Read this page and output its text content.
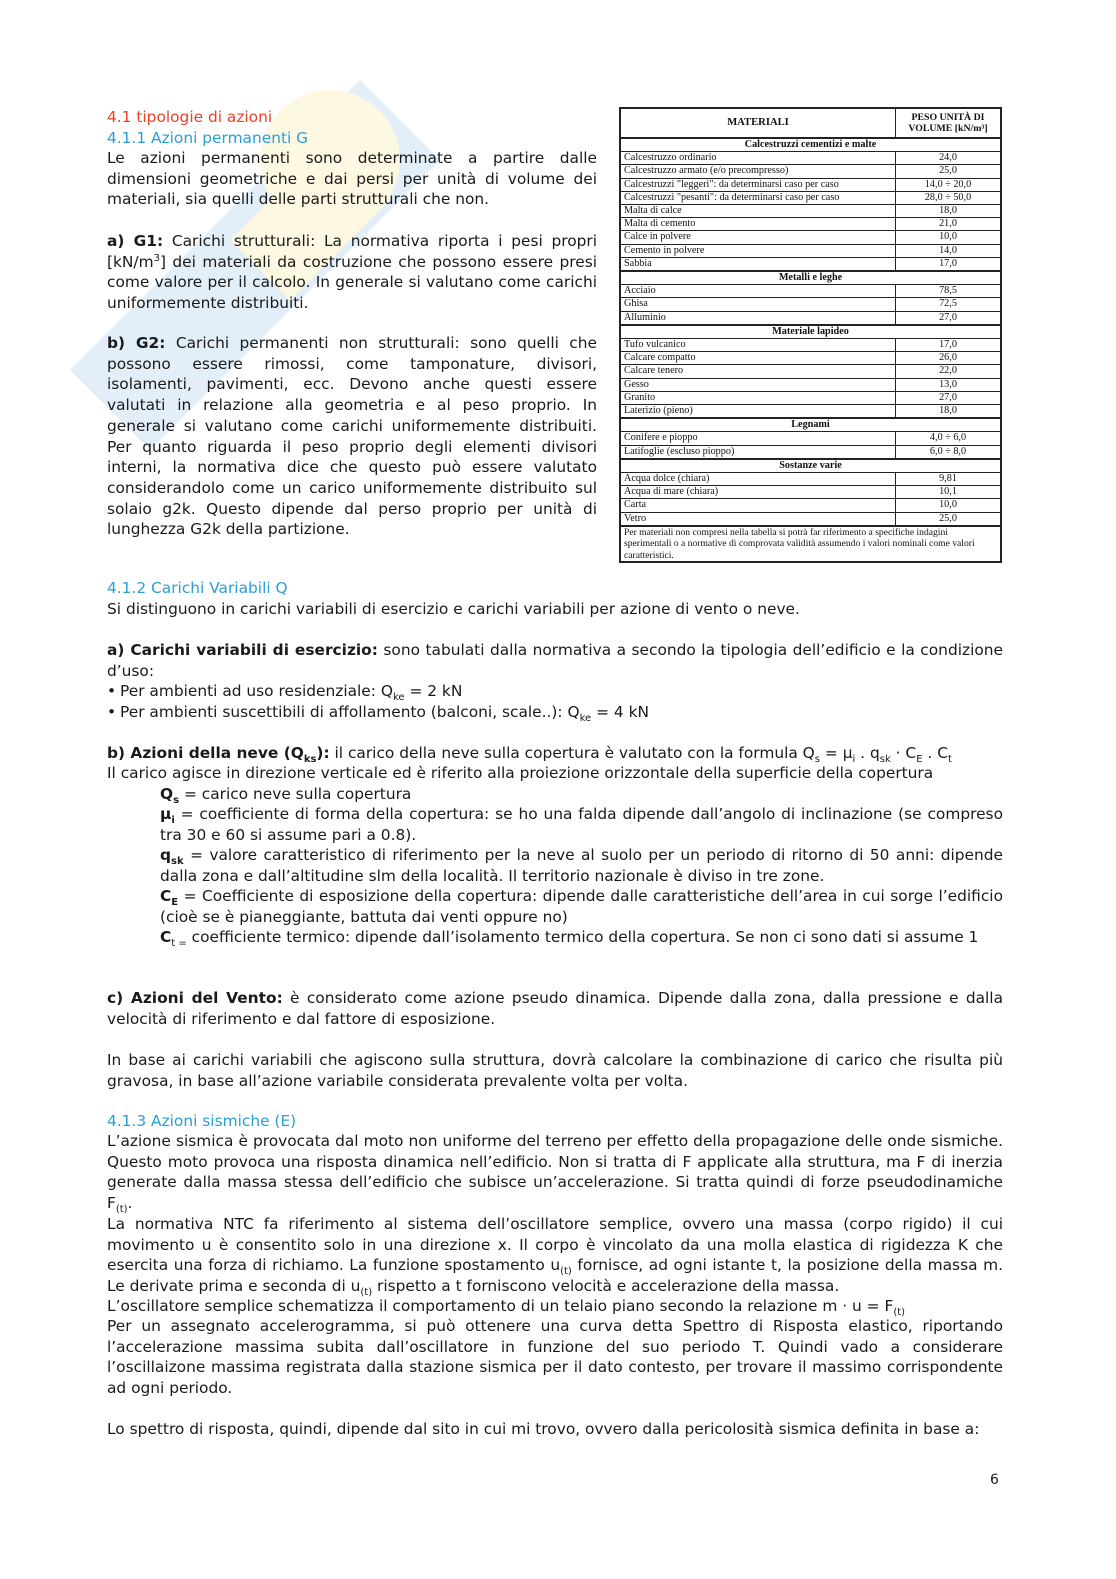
4.1 tipologie di azioni

4.1.1 Azioni permanenti G

Le azioni permanenti sono determinate a partire dalle dimensioni geometriche e dai persi per unità di volume dei materiali, sia quelli delle parti strutturali che non.

a) G1: Carichi strutturali: La normativa riporta i pesi propri $[kN/m^3]$ dei materiali da costruzione che possono essere presi come valore per il calcolo. In generale si valutano come carichi uniformemente distribuiti.

b) G2: Carichi permanenti non strutturali: sono quelli che possono essere rimossi, come tamponature, divisori, isolamenti, pavimenti, ecc. Devono anche questi essere valutati in relazione alla geometria e al peso proprio. In generale si valutano come carichi uniformemente distribuiti. Per quanto riguarda il peso proprio degli elementi divisori interni, la normativa dice che questo può essere valutato considerandolo come un carico uniformemente distribuito sul solaio g2k. Questo dipende dal perso proprio per unità di lunghezza G2k della partizione.

MATERIALI	PESO UNITÀ DI VOLUME [kN/m³]
Calcestruzzi cementizi e malte	
Calcestruzzo ordinario	24,0
Calcestruzzo armato (e/o precompresso)	25,0
Calcestruzzi "leggeri": da determinarsi caso per caso	14,0 ÷ 20,0
Calcestruzzi "pesanti": da determinarsi caso per caso	28,0 ÷ 50,0
Malta di calce	18,0
Malta di cemento	21,0
Calce in polvere	10,0
Cemento in polvere	14,0
Sabbia	17,0
Metalli e leghe	
Acciaio	78,5
Ghisa	72,5
Alluminio	27,0
Materiale lapideo	
Tufo vulcanico	17,0
Calcare compatto	26,0
Calcare tenero	22,0
Gesso	13,0
Granito	27,0
Laterizio (pieno)	18,0
Legnami	
Conifere e pioppo	4,0 ÷ 6,0
Latifoglie (escluso pioppo)	6,0 ÷ 8,0
Sostanze varie	
Acqua dolce (chiara)	9,81
Acqua di mare (chiara)	10,1
Carta	10,0
Vetro	25,0
Per materiali non compresi nella tabella si potrà far riferimento a specifiche indagini sperimentali o a normative di comprovata validità assumendo i valori nominali come valori caratteristici.	

4.1.2 Carichi Variabili Q

Si distinguono in carichi variabili di esercizio e carichi variabili per azione di vento o neve.

a) Carichi variabili di esercizio: sono tabulati dalla normativa a secondo la tipologia dell’edificio e la condizione d’uso:

• Per ambienti ad uso residenziale: $Q_{ke} = 2$ kN

• Per ambienti suscettibili di affollamento (balconi, scale..): $Q_{ke} = 4$ kN

b) Azioni della neve $(Q_{ks})$: il carico della neve sulla copertura è valutato con la formula $Q_s = \mu_i$ . $q_{sk} \cdot C_E$ . $C_t$

Il carico agisce in direzione verticale ed è riferito alla proiezione orizzontale della superficie della copertura

$Q_s$ = carico neve sulla copertura

$\mu_i$ = coefficiente di forma della copertura: se ho una falda dipende dall’angolo di inclinazione (se compreso tra 30 e 60 si assume pari a 0.8).

$q_{sk}$ = valore caratteristico di riferimento per la neve al suolo per un periodo di ritorno di 50 anni: dipende dalla zona e dall’altitudine slm della località. Il territorio nazionale è diviso in tre zone.

$C_E$ = Coefficiente di esposizione della copertura: dipende dalle caratteristiche dell’area in cui sorge l’edificio (cioè se è pianeggiante, battuta dai venti oppure no)

$C_{t =}$ coefficiente termico: dipende dall’isolamento termico della copertura. Se non ci sono dati si assume 1

c) Azioni del Vento: è considerato come azione pseudo dinamica. Dipende dalla zona, dalla pressione e dalla velocità di riferimento e dal fattore di esposizione.

In base ai carichi variabili che agiscono sulla struttura, dovrà calcolare la combinazione di carico che risulta più gravosa, in base all’azione variabile considerata prevalente volta per volta.

4.1.3 Azioni sismiche (E)

L’azione sismica è provocata dal moto non uniforme del terreno per effetto della propagazione delle onde sismiche. Questo moto provoca una risposta dinamica nell’edificio. Non si tratta di F applicate alla struttura, ma F di inerzia generate dalla massa stessa dell’edificio che subisce un’accelerazione. Si tratta quindi di forze pseudodinamiche $F_{(t)}$.

La normativa NTC fa riferimento al sistema dell’oscillatore semplice, ovvero una massa (corpo rigido) il cui movimento u è consentito solo in una direzione x. Il corpo è vincolato da una molla elastica di rigidezza K che esercita una forza di richiamo. La funzione spostamento $u_{(t)}$ fornisce, ad ogni istante t, la posizione della massa m. Le derivate prima e seconda di $u_{(t)}$ rispetto a t forniscono velocità e accelerazione della massa.

L’oscillatore semplice schematizza il comportamento di un telaio piano secondo la relazione $m \cdot u = F_{(t)}$

Per un assegnato accelerogramma, si può ottenere una curva detta Spettro di Risposta elastico, riportando l’accelerazione massima subita dall’oscillatore in funzione del suo periodo T. Quindi vado a considerare l’oscillaizone massima registrata dalla stazione sismica per il dato contesto, per trovare il massimo corrispondente ad ogni periodo.

Lo spettro di risposta, quindi, dipende dal sito in cui mi trovo, ovvero dalla pericolosità sismica definita in base a:

6
